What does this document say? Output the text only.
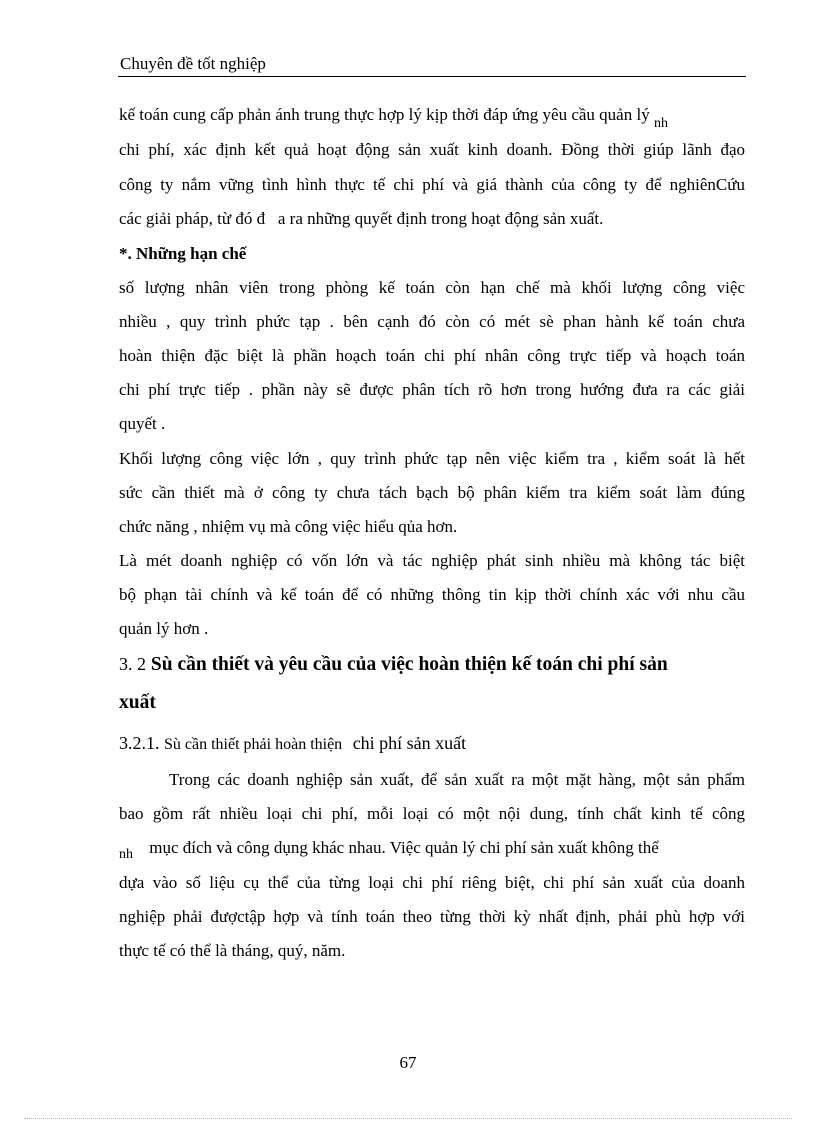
Chuyên đề tốt nghiệp
kế toán cung cấp phản ánh trung thực hợp lý kịp thời đáp ứng yêu cầu quản lý $_{nh}$
chi phí, xác định kết quả hoạt động sản xuất kinh doanh. Đồng thời giúp lãnh đạo
công ty nắm vững tình hình thực tế chi phí và giá thành của công ty để nghiênCứu
các giải pháp, từ đó đ   a ra những quyết định trong hoạt động sản xuất.
*. Những hạn chế
số lượng nhân viên trong phòng kế toán còn hạn chế mà khối lượng công việc
nhiều , quy trình phức tạp . bên cạnh đó còn có mét sè phan hành kế toán chưa
hoàn thiện đặc biệt là phần hoạch toán chi phí nhân công trực tiếp và hoạch toán
chi phí trực tiếp . phần này sẽ được phân tích rõ hơn trong hướng đưa ra các giải
quyết .
Khối lượng công việc lớn , quy trình phức tạp nên việc kiểm tra , kiểm soát là hết
sức cần thiết mà ở công ty chưa tách bạch bộ phân kiểm tra kiểm soát làm đúng
chức năng , nhiệm vụ mà công việc hiểu qủa hơn.
Là mét doanh nghiệp có vốn lớn và tác nghiệp phát sinh nhiều mà không tác biệt
bộ phạn tài chính và kế toán để có những thông tin kịp thời chính xác với nhu cầu
quản lý hơn .
3. 2 Sù cần thiết và yêu cầu của việc hoàn thiện kế toán chi phí sản
xuất
3.2.1. Sù cần thiết phải hoàn thiện chi phí sản xuất
Trong các doanh nghiệp sản xuất, để sản xuất ra một mặt hàng, một sản phẩm
bao gồm rất nhiều loại chi phí, mỗi loại có một nội dung, tính chất kinh tế công
$_{nh}$ mục đích và công dụng khác nhau. Việc quản lý chi phí sản xuất không thể
dựa vào số liệu cụ thể của từng loại chi phí riêng biệt, chi phí sản xuất của doanh
nghiệp phải đượctập hợp và tính toán theo từng thời kỳ nhất định, phải phù hợp với
thực tế có thể là tháng, quý, năm.
67
